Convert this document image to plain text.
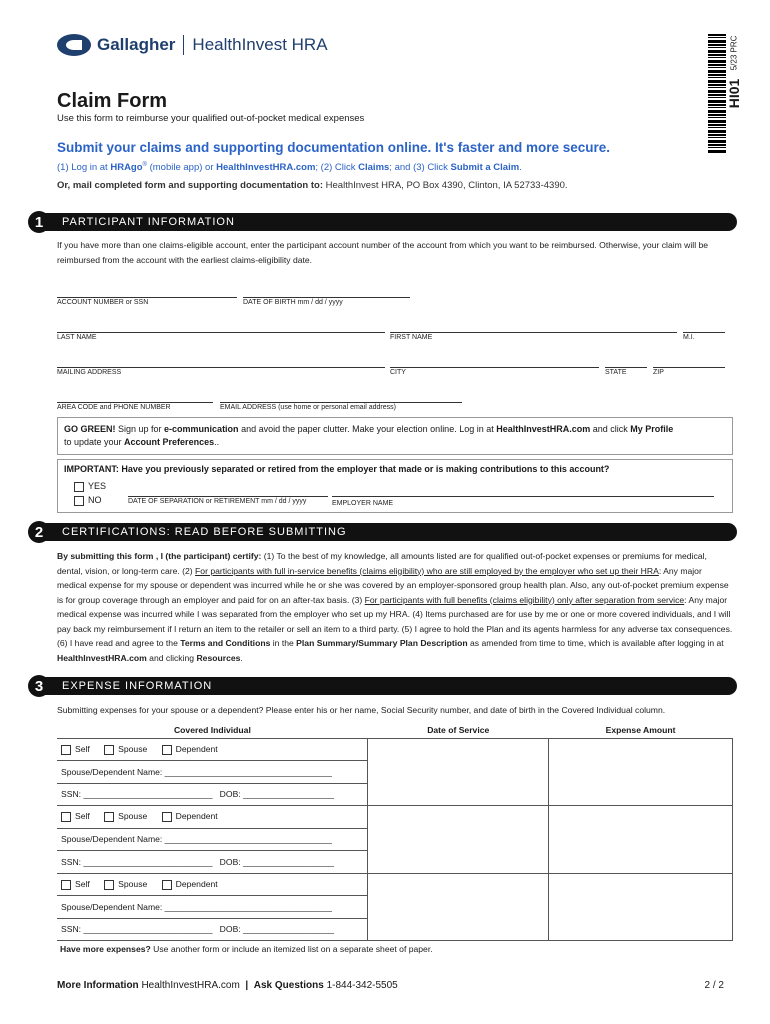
Gallagher HealthInvest HRA
HI01
5/23 PRC
Claim Form
Use this form to reimburse your qualified out-of-pocket medical expenses
Submit your claims and supporting documentation online. It's faster and more secure.
(1) Log in at HRAgo® (mobile app) or HealthInvestHRA.com; (2) Click Claims; and (3) Click Submit a Claim.
Or, mail completed form and supporting documentation to: HealthInvest HRA, PO Box 4390, Clinton, IA 52733-4390.
1	PARTICIPANT INFORMATION
If you have more than one claims-eligible account, enter the participant account number of the account from which you want to be reimbursed. Otherwise, your claim will be reimbursed from the account with the earliest claims-eligibility date.
ACCOUNT NUMBER or SSN	DATE OF BIRTH mm / dd / yyyy
LAST NAME	FIRST NAME	M.I.
MAILING ADDRESS	CITY	STATE	ZIP
AREA CODE and PHONE NUMBER	EMAIL ADDRESS (use home or personal email address)
GO GREEN! Sign up for e-communication and avoid the paper clutter. Make your election online. Log in at HealthInvestHRA.com and click My Profile
to update your Account Preferences..
IMPORTANT: Have you previously separated or retired from the employer that made or is making contributions to this account?
YES
NO	DATE OF SEPARATION or RETIREMENT mm / dd / yyyy	EMPLOYER NAME
2	CERTIFICATIONS: READ BEFORE SUBMITTING
By submitting this form , I (the participant) certify: (1) To the best of my knowledge, all amounts listed are for qualified out-of-pocket expenses or premiums for medical, dental, vision, or long-term care. (2) For participants with full in-service benefits (claims eligibility) who are still employed by the employer who set up their HRA: Any major medical expense for my spouse or dependent was incurred while he or she was covered by an employer-sponsored group health plan. Also, any out-of-pocket premium expense is for group coverage through an employer and paid for on an after-tax basis. (3) For participants with full benefits (claims eligibility) only after separation from service: Any major medical expense was incurred while I was separated from the employer who set up my HRA. (4) Items purchased are for use by me or one or more covered individuals, and I will pay back my reimbursement if I return an item to the retailer or sell an item to a third party. (5) I agree to hold the Plan and its agents harmless for any adverse tax consequences. (6) I have read and agree to the Terms and Conditions in the Plan Summary/Summary Plan Description as amended from time to time, which is available after logging in at HealthInvestHRA.com and clicking Resources.
3	EXPENSE INFORMATION
Submitting expenses for your spouse or a dependent? Please enter his or her name, Social Security number, and date of birth in the Covered Individual column.
Covered Individual	Date of Service	Expense Amount
Self Spouse Dependent		
Spouse/Dependent Name: ___________________________________		
SSN: ___________________________ DOB: ___________________		
Self Spouse Dependent		
Spouse/Dependent Name: ___________________________________		
SSN: ___________________________ DOB: ___________________		
Self Spouse Dependent		
Spouse/Dependent Name: ___________________________________		
SSN: ___________________________ DOB: ___________________		
Have more expenses? Use another form or include an itemized list on a separate sheet of paper.
More Information HealthInvestHRA.com | Ask Questions 1-844-342-5505	2 / 2
